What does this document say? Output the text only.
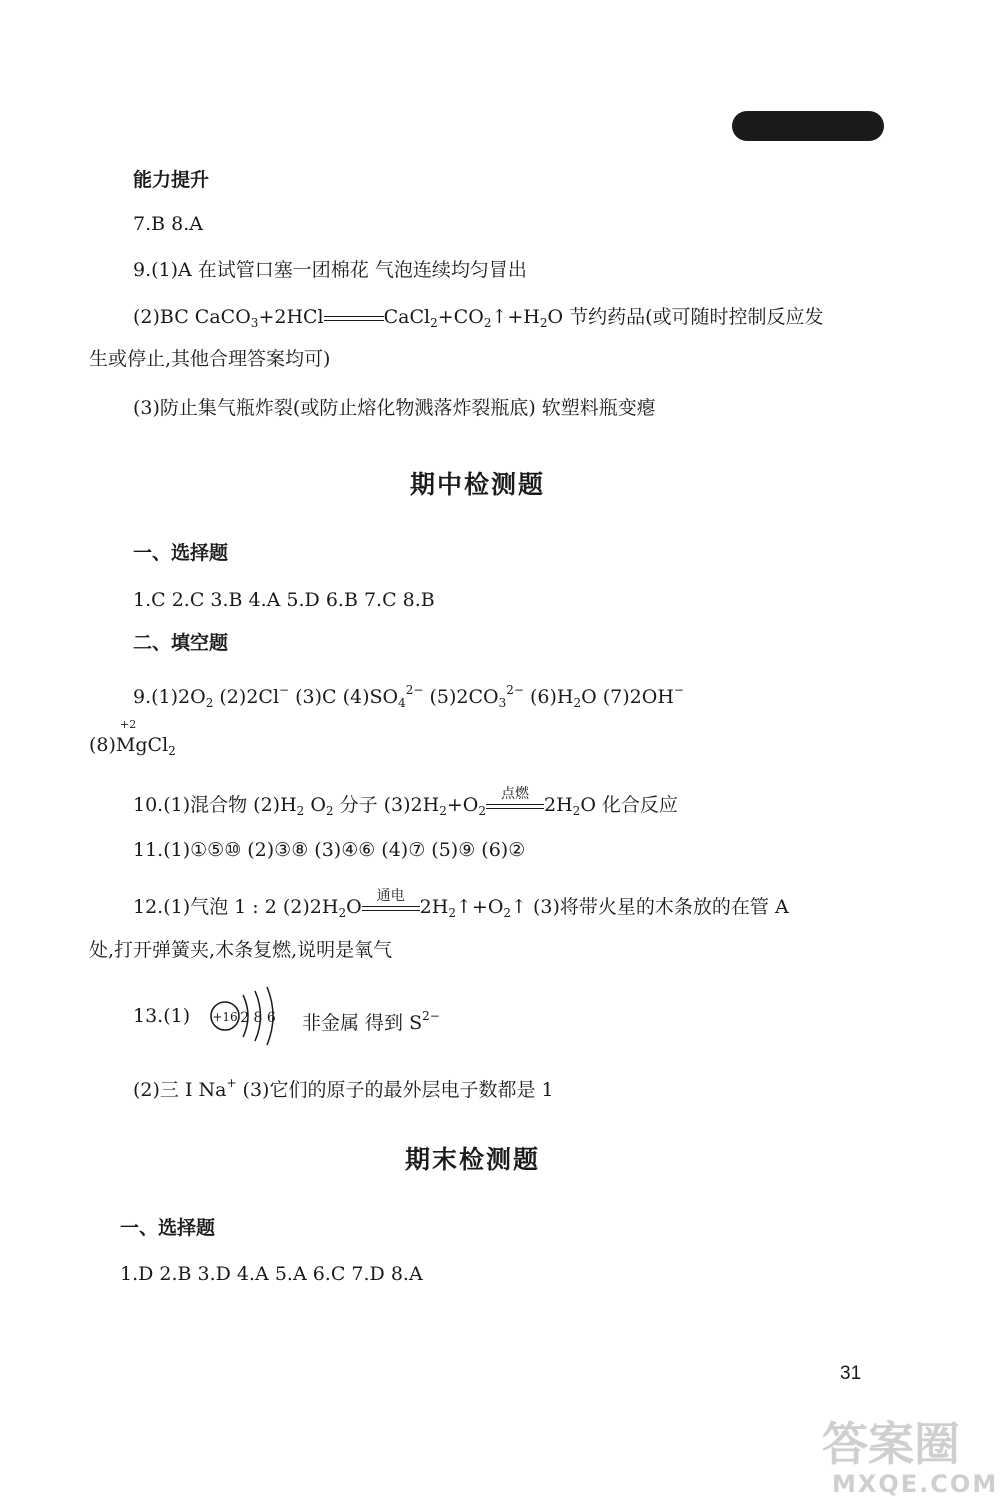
能力提升
7.B 8.A
9.(1)A 在试管口塞一团棉花 气泡连续均匀冒出
(2)BC CaCO$_3$+2HCl	$CaCl_2+CO_2↑+H_2O$ 节约药品(或可随时控制反应发
生或停止,其他合理答案均可)
(3)防止集气瓶炸裂(或防止熔化物溅落炸裂瓶底) 软塑料瓶变瘪
期中检测题
一、选择题
1.C 2.C 3.B 4.A 5.D 6.B 7.C 8.B
二、填空题
$9.(1)2O_2$ (2)2Cl− (3)C $(4)SO_4^{2-}$ $(5)2CO_3^{2-}$ $(6)H_2O$ (7)2OH−
+2
(8)MgCl$_2$
10.(1)混合物 $(2)H_2$ $O_2$ 分子 $(3)2H_2+O_2$
点燃 $2H_2O$ 化合反应
11.(1)①⑤⑩ (2)③⑧ (3)④⑥ (4)⑦ (5)⑨ (6)②
12.(1)气泡 1 : 2 $(2)2H_2O$	通电 $2H_2↑+O_2↑$ (3)将带火星的木条放的在管 A
处,打开弹簧夹,木条复燃,说明是氧气
13.(1) +16 2 8 6 非金属 得到 $S^{2-}$
(2)三 Ⅰ Na+ (3)它们的原子的最外层电子数都是 1
期末检测题
一、选择题
1.D 2.B 3.D 4.A 5.A 6.C 7.D 8.A
31
答案圈
MXQE.COM
